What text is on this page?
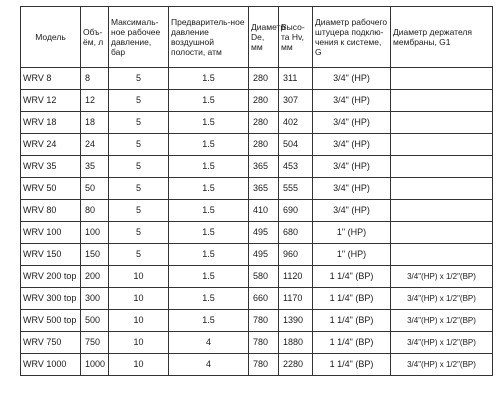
Модель	Объ-ём, л	Максималь-ное рабочее давление, бар	Предваритель-ное давление воздушной полости, атм	Диаметр De, мм	Высо-та Hv, мм	Диаметр рабочего штуцера подклю-чения к системе, G	Диаметр держателя мембраны, G1
WRV 8	8	5	1.5	280	311	3/4" (НР)	
WRV 12	12	5	1.5	280	307	3/4" (НР)	
WRV 18	18	5	1.5	280	402	3/4" (НР)	
WRV 24	24	5	1.5	280	504	3/4" (НР)	
WRV 35	35	5	1.5	365	453	3/4" (НР)	
WRV 50	50	5	1.5	365	555	3/4" (НР)	
WRV 80	80	5	1.5	410	690	3/4" (НР)	
WRV 100	100	5	1.5	495	680	1" (НР)	
WRV 150	150	5	1.5	495	960	1" (НР)	
WRV 200 top	200	10	1.5	580	1120	1 1/4" (ВР)	3/4"(НР) x 1/2"(ВР)
WRV 300 top	300	10	1.5	660	1170	1 1/4" (ВР)	3/4"(НР) x 1/2"(ВР)
WRV 500 top	500	10	1.5	780	1390	1 1/4" (ВР)	3/4"(НР) x 1/2"(ВР)
WRV 750	750	10	4	780	1880	1 1/4" (ВР)	3/4"(НР) x 1/2"(ВР)
WRV 1000	1000	10	4	780	2280	1 1/4" (ВР)	3/4"(НР) x 1/2"(ВР)
